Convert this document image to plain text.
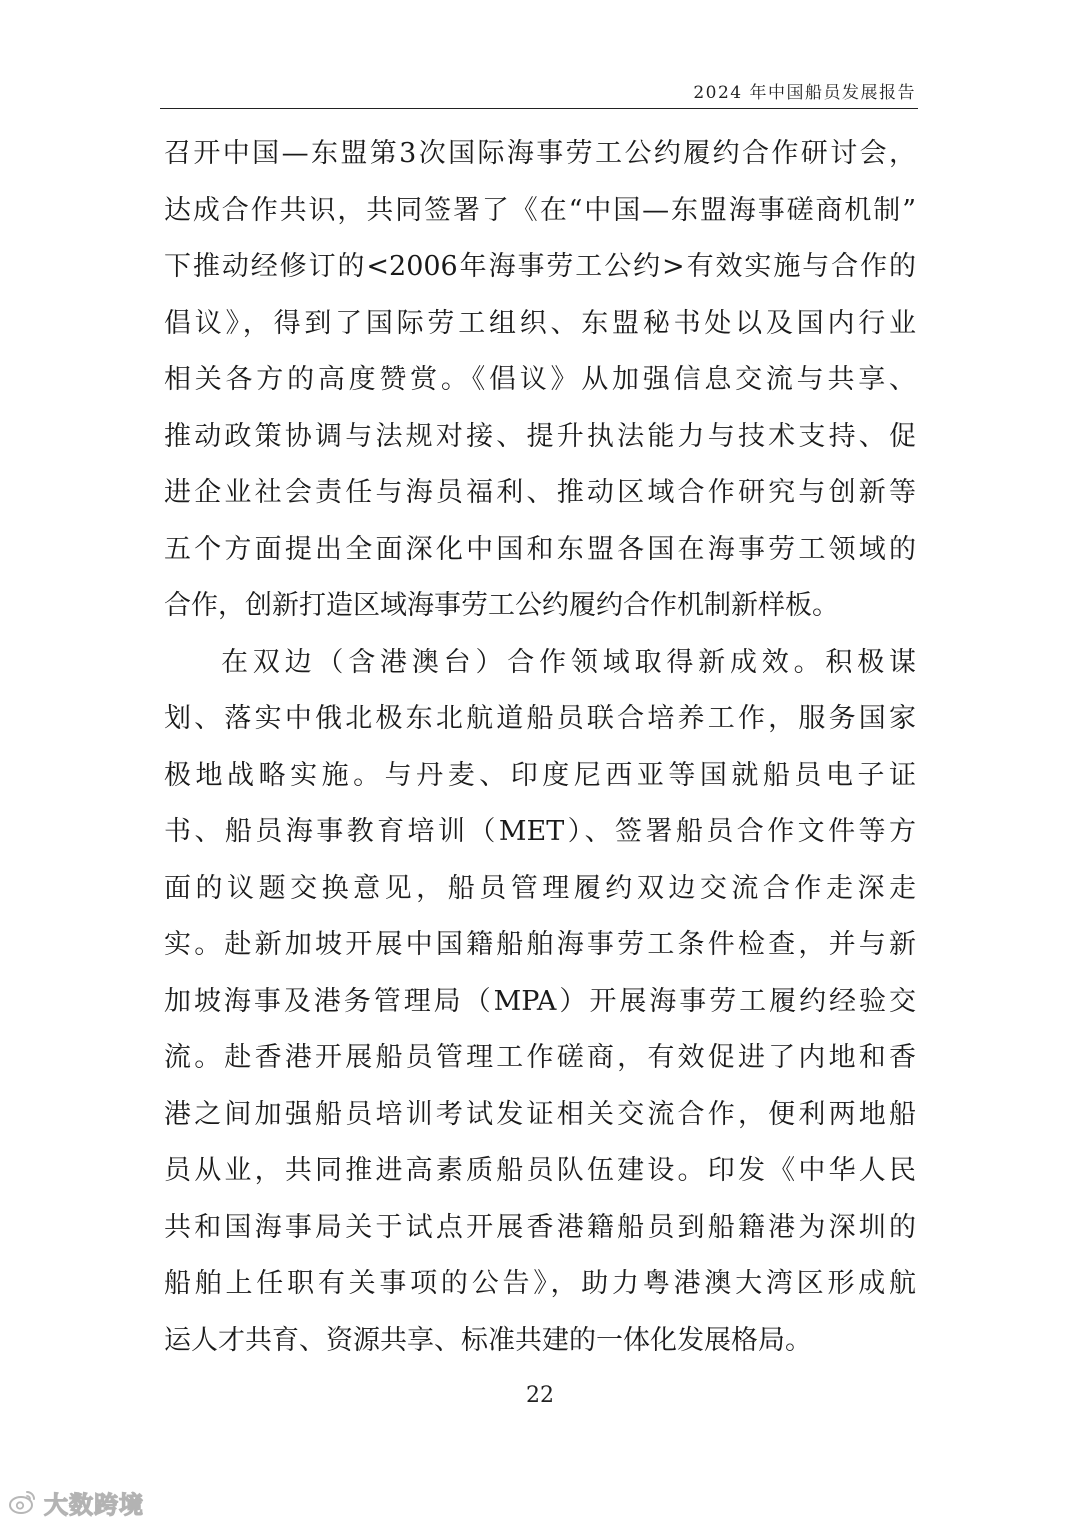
2024 年中国船员发展报告
召开中国—东盟第3次国际海事劳工公约履约合作研讨会，
达成合作共识，共同签署了《在“中国—东盟海事磋商机制”
下推动经修订的<2006年海事劳工公约>有效实施与合作的
倡议》，得到了国际劳工组织、东盟秘书处以及国内行业
相关各方的高度赞赏。《倡议》从加强信息交流与共享、
推动政策协调与法规对接、提升执法能力与技术支持、促
进企业社会责任与海员福利、推动区域合作研究与创新等
五个方面提出全面深化中国和东盟各国在海事劳工领域的
合作，创新打造区域海事劳工公约履约合作机制新样板。
在双边（含港澳台）合作领域取得新成效。积极谋
划、落实中俄北极东北航道船员联合培养工作，服务国家
极地战略实施。与丹麦、印度尼西亚等国就船员电子证
书、船员海事教育培训（MET）、签署船员合作文件等方
面的议题交换意见，船员管理履约双边交流合作走深走
实。赴新加坡开展中国籍船舶海事劳工条件检查，并与新
加坡海事及港务管理局（MPA）开展海事劳工履约经验交
流。赴香港开展船员管理工作磋商，有效促进了内地和香
港之间加强船员培训考试发证相关交流合作，便利两地船
员从业，共同推进高素质船员队伍建设。印发《中华人民
共和国海事局关于试点开展香港籍船员到船籍港为深圳的
船舶上任职有关事项的公告》，助力粤港澳大湾区形成航
运人才共育、资源共享、标准共建的一体化发展格局。
22
大数跨境
